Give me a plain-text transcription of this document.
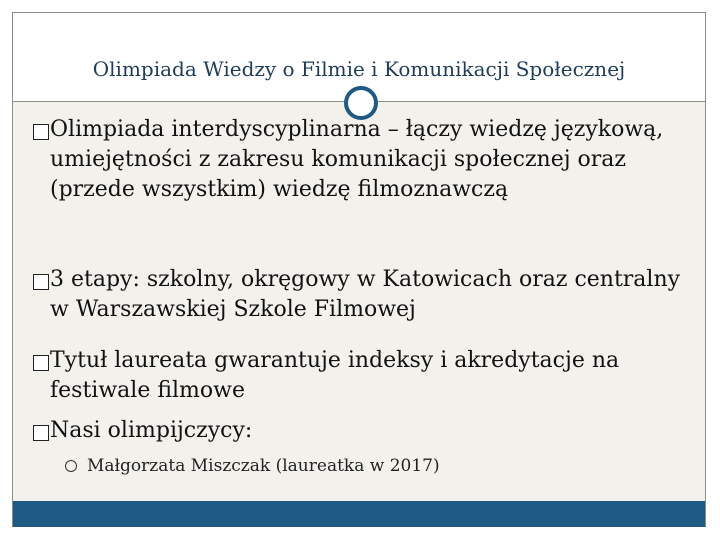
Olimpiada Wiedzy o Filmie i Komunikacji Społecznej
Olimpiada interdyscyplinarna – łączy wiedzę językową, umiejętności z zakresu komunikacji społecznej oraz (przede wszystkim) wiedzę filmoznawczą
3 etapy: szkolny, okręgowy w Katowicach oraz centralny w Warszawskiej Szkole Filmowej
Tytuł laureata gwarantuje indeksy i akredytacje na festiwale filmowe
Nasi olimpijczycy:
Małgorzata Miszczak (laureatka w 2017)
